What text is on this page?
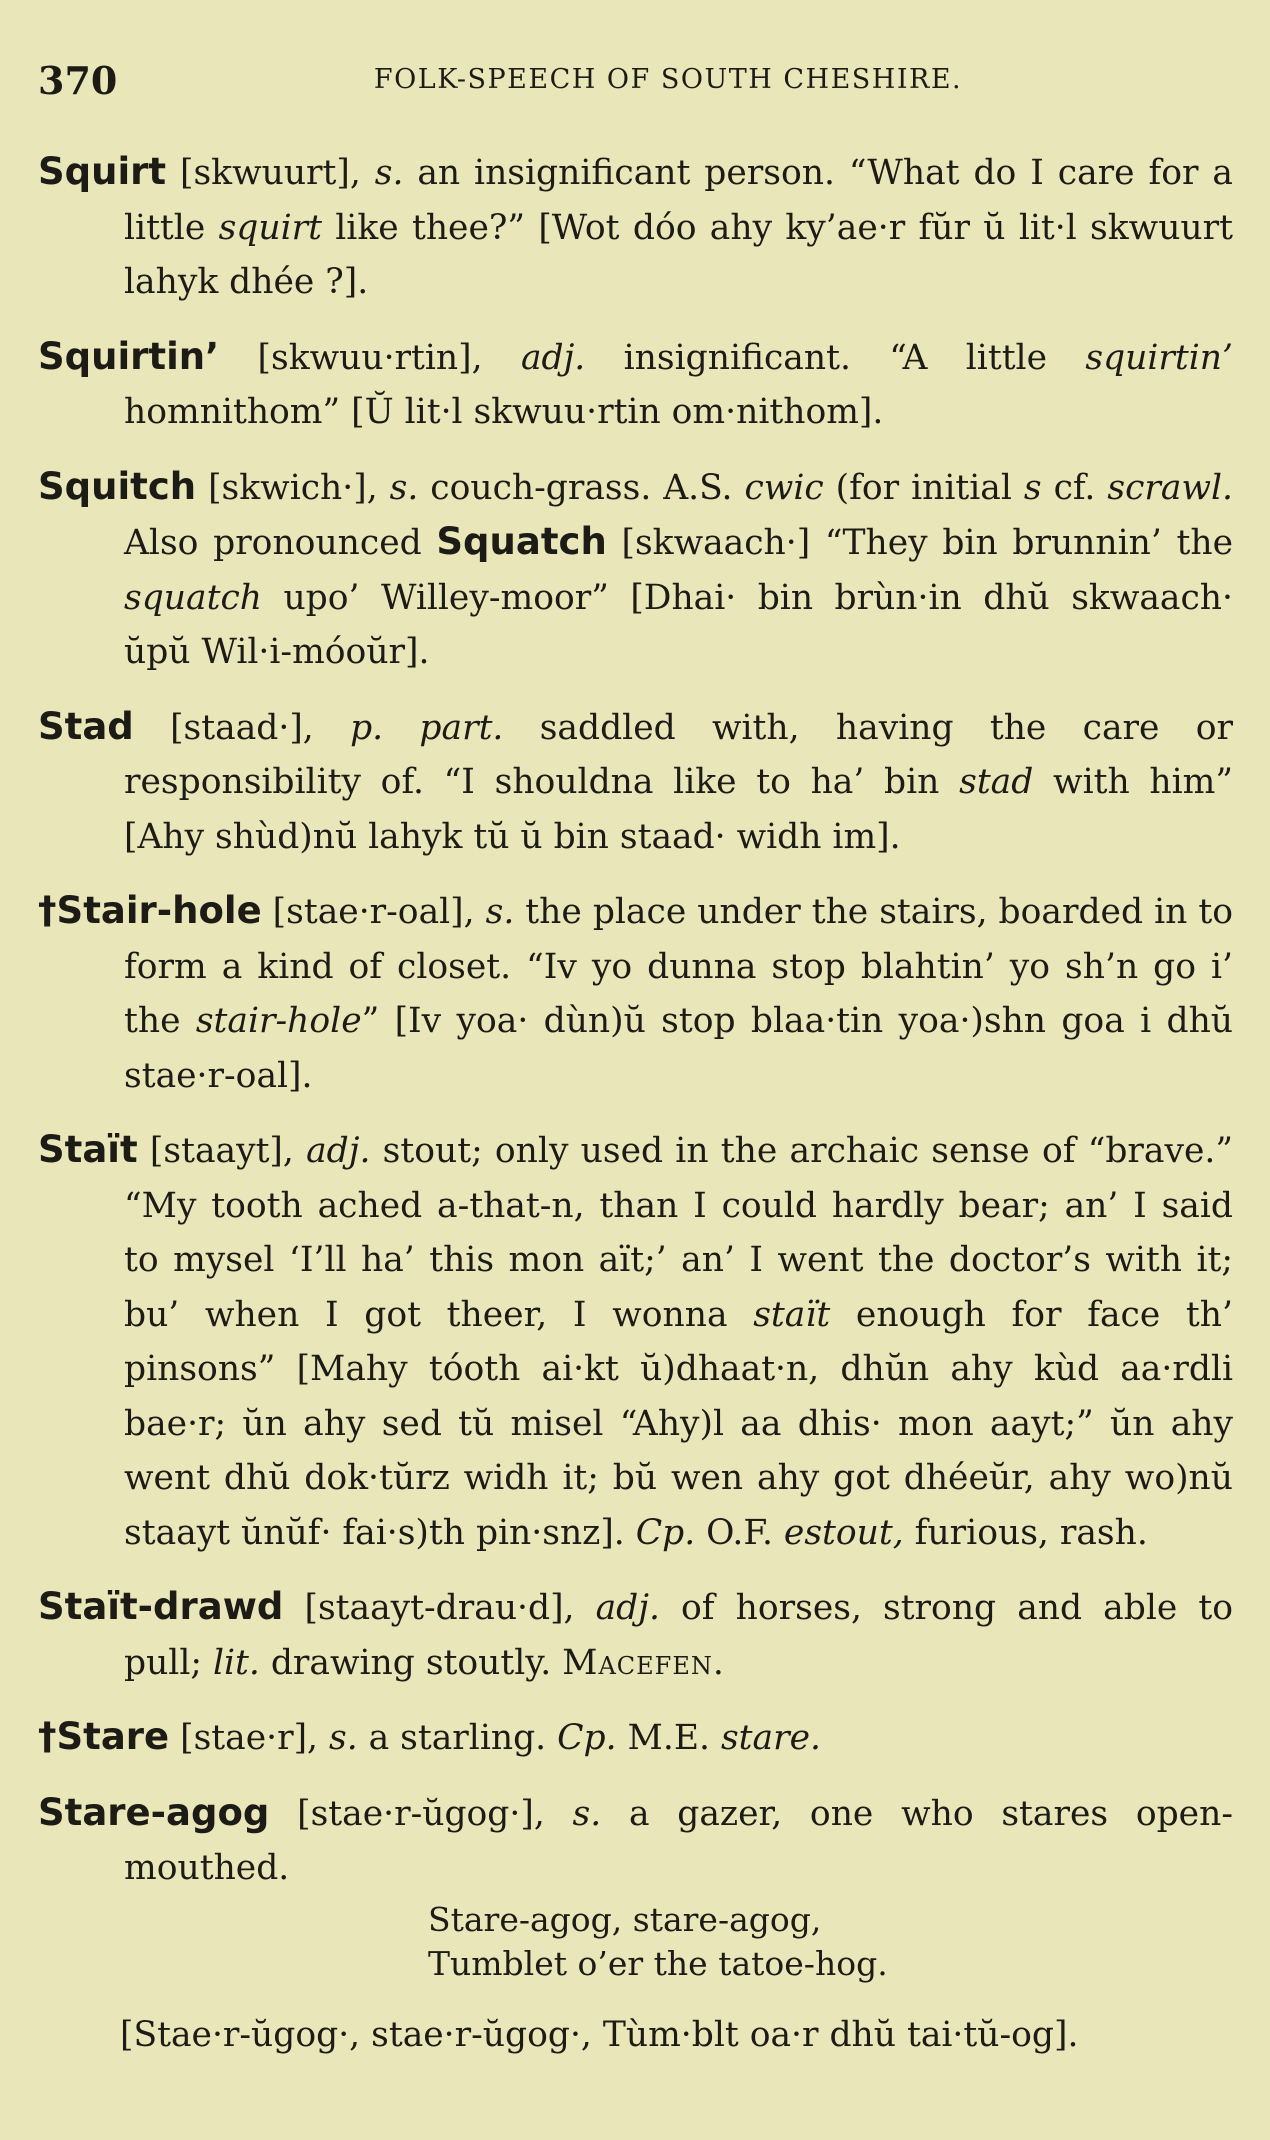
370	FOLK-SPEECH OF SOUTH CHESHIRE.

Squirt [skwuurt], s. an insignificant person. “What do I care for a little squirt like thee?” [Wot dóo ahy ky’ae·r fŭr ŭ lit·l skwuurt lahyk dhée ?].

Squirtin’ [skwuu·rtin], adj. insignificant. “A little squirtin’ homnithom” [Ŭ lit·l skwuu·rtin om·nithom].

Squitch [skwich·], s. couch-grass. A.S. cwic (for initial s cf. scrawl. Also pronounced Squatch [skwaach·] “They bin brunnin’ the squatch upo’ Willey-moor” [Dhai· bin brùn·in dhŭ skwaach· ŭpŭ Wil·i-móoŭr].

Stad [staad·], p. part. saddled with, having the care or responsibility of. “I shouldna like to ha’ bin stad with him” [Ahy shùd)nŭ lahyk tŭ ŭ bin staad· widh im].

†Stair-hole [stae·r-oal], s. the place under the stairs, boarded in to form a kind of closet. “Iv yo dunna stop blahtin’ yo sh’n go i’ the stair-hole” [Iv yoa· dùn)ŭ stop blaa·tin yoa·)shn goa i dhŭ stae·r-oal].

Staït [staayt], adj. stout; only used in the archaic sense of “brave.” “My tooth ached a-that-n, than I could hardly bear; an’ I said to mysel ‘I’ll ha’ this mon aït;’ an’ I went the doctor’s with it; bu’ when I got theer, I wonna staït enough for face th’ pinsons” [Mahy tóoth ai·kt ŭ)dhaat·n, dhŭn ahy kùd aa·rdli bae·r; ŭn ahy sed tŭ misel “Ahy)l aa dhis· mon aayt;” ŭn ahy went dhŭ dok·tŭrz widh it; bŭ wen ahy got dhéeŭr, ahy wo)nŭ staayt ŭnŭf· fai·s)th pin·snz]. Cp. O.F. estout, furious, rash.

Staït-drawd [staayt-drau·d], adj. of horses, strong and able to pull; lit. drawing stoutly. Macefen.

†Stare [stae·r], s. a starling. Cp. M.E. stare.

Stare-agog [stae·r-ŭgog·], s. a gazer, one who stares open-mouthed.

Stare-agog, stare-agog,
Tumblet o’er the tatoe-hog.
[Stae·r-ŭgog·, stae·r-ŭgog·, Tùm·blt oa·r dhŭ tai·tŭ-og].
